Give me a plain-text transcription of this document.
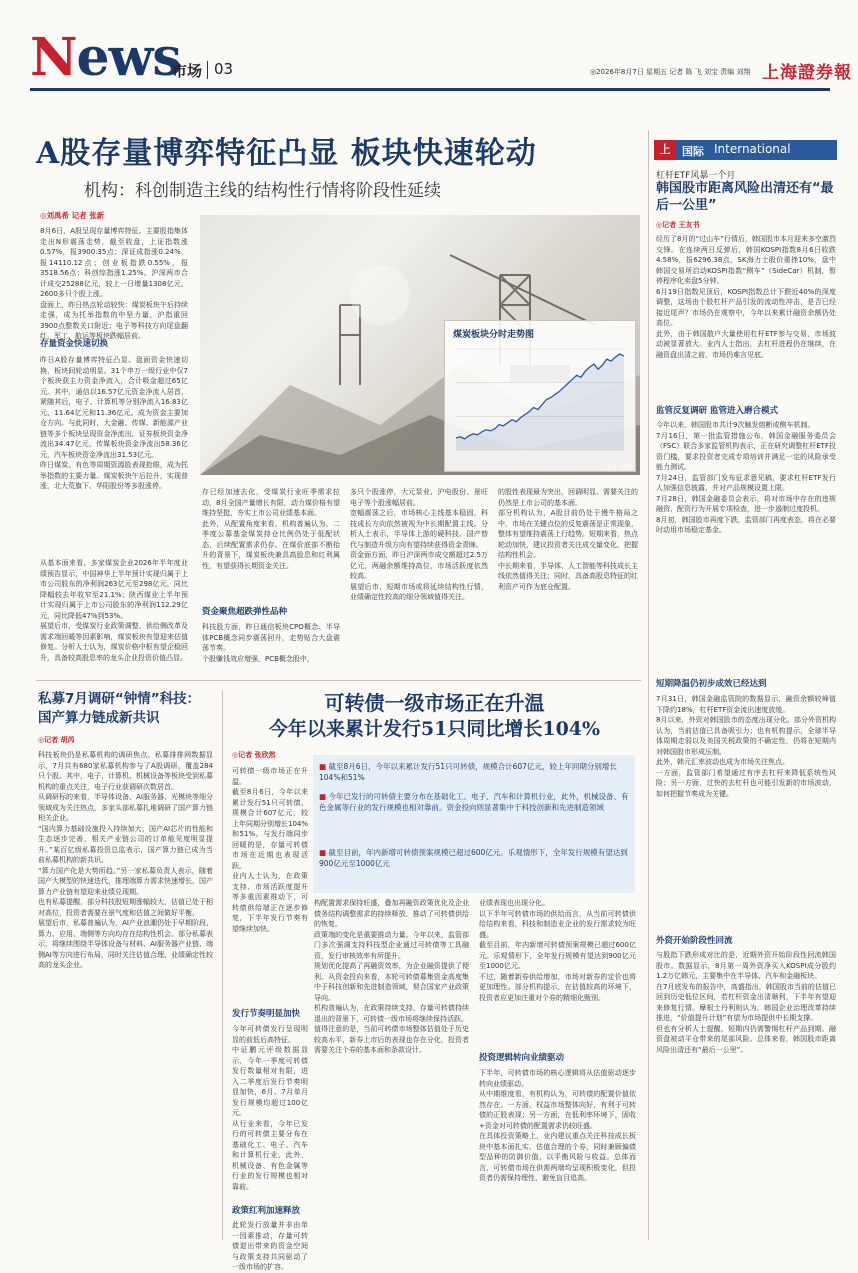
News
市场 03	◎2026年8月7日 星期五 记者 陈 飞 刘宝 责编 刘翔 上海證券報
A股存量博弈特征凸显 板块快速轮动
机构：科创制造主线的结构性行情将阶段性延续
◎刘禹希 记者 张新
8月6日，A股呈现存量博弈特征。主要股指集体走出N形震荡走势，截至收盘，上证指数涨0.57%，报3900.35点；深证成指涨0.24%，报14110.12点；创业板指跌0.55%，报3518.56点；科创综指涨1.25%。沪深两市合计成交25288亿元，较上一日增量1308亿元，2600多只个股上涨。
盘面上，昨日热点轮动较快：煤炭板块午后持续走强，成为托举指数的中坚力量，沪指重回3900点整数关口附近；电子等科技方向尾盘翻红，军工、航运等板块跌幅居前。
存量资金快速切换
昨日A股存量博弈特征凸显。盘面资金快速切换，板块间轮动明显。31个申万一级行业中仅7个板块获主力资金净流入，合计吸金超过65亿元。其中，通信以16.57亿元资金净流入居首，紧随其后，电子、计算机等分别净流入16.83亿元、11.64亿元和11.36亿元。成为资金主要加仓方向。与此同时，大金融、传媒、新能源产业链等多个板块呈现资金净流出，证券板块资金净流出34.47亿元，传媒板块资金净流出58.36亿元，汽车板块资金净流出31.53亿元。
昨日煤炭、有色等周期资源股表现抢眼，成为托举指数的主要力量。煤炭板块午后拉升，实现普涨，北大荒旗下、华阳股份等多股涨停。
从基本面来看，多家煤炭企业2026年半年度业绩预告显示，中国神华上半年预计实现归属于上市公司股东的净利润263亿元至298亿元，同比降幅较去年收窄至21.1%；陕西煤业上半年预计实现归属于上市公司股东的净利润112.29亿元，同比降低47%到53%。
展望后市，受煤炭行业政策调整、供给侧改革及需求端回暖等因素影响，煤炭板块有望迎来估值修复。分析人士认为，煤炭价格中枢有望企稳回升，具备较高股息率的龙头企业投资价值凸显。
煤炭板块分时走势图
张大伟 制图
存已经加速去化，受煤炭行业旺季需求拉动，8月全国产量增长有限，动力煤价格有望维持坚挺，夯实上市公司业绩基本面。
此外，从配置角度来看，机构普遍认为，二季度公募基金煤炭持仓比例仍处于低配状态，后续配置需求仍存。在煤价底部不断抬升的背景下，煤炭板块兼具高股息和红利属性，有望获得长期资金关注。
资金聚焦超跌弹性品种
科技股方面，昨日通信板块CPO概念、半导体PCB概念同步震荡回升，走势贴合大盘震荡节奏。
个股赚钱效应增强，PCB概念股中，
多只个股涨停，大元泵业、沪电股份、景旺电子等个股涨幅居前。
宽幅震荡之后，市场核心主线基本稳固，科技成长方向依然被视为中长期配置主线。分析人士表示，半导体上游的硬科技、国产替代与制造升级方向有望持续获得资金青睐。
资金面方面，昨日沪深两市成交额超过2.5万亿元，两融余额维持高位，市场活跃度依然较高。
展望后市，短期市场或将延续结构性行情，业绩确定性较高的细分领域值得关注。
的股性表现最为突出，回调明显。需要关注的仍然是上市公司的基本面。
部分机构认为，A股目前仍处于慢牛格局之中，市场在关键点位的反复震荡是正常现象，整体有望维持震荡上行趋势。短期来看，热点轮动加快，建议投资者关注成交量变化，把握结构性机会。
中长期来看，半导体、人工智能等科技成长主线依然值得关注；同时，具备高股息特征的红利资产可作为底仓配置。
上	国际 International
杠杆ETF风暴一个月
韩国股市距离风险出清还有“最后一公里”
◎记者 王友书
经历了8月的“过山车”行情后，韩国股市本月迎来多空激烈交锋。在连续两日反弹后，韩国KOSPI指数8月6日收跌4.58%，报6296.38点，SK海力士股价重挫10%，盘中韩国交易所启动KOSPI指数“侧车”（SideCar）机制，暂停程序化卖盘5分钟。
6月19日指数见顶后，KOSPI指数总计下跌近40%的深度调整，这场由个股杠杆产品引发的流动性冲击，是否已经接近尾声？市场仍在观察中，今年以来累计融资余额仍处高位。
此外，由于韩国散户大量使用杠杆ETF参与交易，市场波动被显著放大。业内人士指出，去杠杆进程仍在继续，在融资盘出清之前，市场仍难言见底。
监管反复调研 监管进入磨合模式
今年以来，韩国股市共计9次触发熔断或侧车机制。
7月16日，第一批监管措施公布，韩国金融服务委员会（FSC）联合多家监管机构表示，正在研究调整杠杆ETF投资门槛，要求投资者完成专项培训并满足一定的风险承受能力测试。
7月24日，监管部门发布征求意见稿，要求杠杆ETF发行人加强信息披露，并对产品规模设置上限。
7月28日，韩国金融委员会表示，将对市场中存在的违规融资、配资行为开展专项检查，进一步遏制过度投机。
8月初，韩国股市再度下跌，监管部门再度表态，将在必要时动用市场稳定基金。
短期降温仍初步成效已经达到
7月31日，韩国金融监管院的数据显示，融资余额较峰值下降约18%，杠杆ETF资金流出速度放缓。
8月以来，外资对韩国股市的态度出现分化。部分外资机构认为，当前估值已具备吸引力；也有机构提示，全球半导体周期走弱以及美国关税政策的不确定性，仍将在短期内对韩国股市形成压制。
此外，韩元汇率波动也成为市场关注焦点。
一方面，监管部门希望通过有序去杠杆来降低系统性风险；另一方面，过快的去杠杆也可能引发新的市场波动，如何把握节奏成为关键。
外资开始阶段性回流
与股指下跌形成对比的是，近期外资开始阶段性回流韩国股市。数据显示，8月第一周外资净买入KOSPI成分股约1.2万亿韩元，主要集中在半导体、汽车和金融板块。
在7月底发布的报告中，高盛指出，韩国股市当前的估值已回到历史低位区间，若杠杆资金出清顺利，下半年有望迎来修复行情。摩根士丹利则认为，韩国企业治理改革持续推进，“价值提升计划”有望为市场提供中长期支撑。
但也有分析人士提醒，短期内仍需警惕杠杆产品到期、融资盘被动平仓带来的尾部风险。总体来看，韩国股市距离风险出清还有“最后一公里”。
私募7月调研“钟情”科技：国产算力链成新共识
◎记者 胡芮
科技板块仍是私募机构的调研焦点。私募排排网数据显示，7月共有680家私募机构参与了A股调研，覆盖284只个股。其中，电子、计算机、机械设备等板块受到私募机构的重点关注，电子行业获调研次数居首。
从调研标的来看，半导体设备、AI服务器、光模块等细分领域成为关注热点，多家头部私募扎堆调研了国产算力链相关企业。
“国内算力基础设施投入持续加大，国产AI芯片的性能和生态逐步完善，相关产业链公司的订单能见度明显提升。”某百亿级私募投资总监表示，国产算力链已成为当前私募机构的新共识。
“算力国产化是大势所趋。”另一家私募负责人表示，随着国产大模型的快速迭代，推理端算力需求快速增长，国产算力产业链有望迎来业绩兑现期。
也有私募提醒，部分科技股短期涨幅较大，估值已处于相对高位，投资者需要在景气度和估值之间做好平衡。
展望后市，私募普遍认为，AI产业浪潮仍处于早期阶段，算力、应用、端侧等方向均存在结构性机会。部分私募表示，将继续围绕半导体设备与材料、AI服务器产业链、端侧AI等方向进行布局，同时关注估值合理、业绩确定性较高的龙头企业。
可转债一级市场正在升温
今年以来累计发行51只同比增长104%
◎记者 张欣然
■ 截至8月6日，今年以来累计发行51只可转债，规模合计607亿元，较上年同期分别增长104%和51%
■ 今年已发行的可转债主要分布在基础化工、电子、汽车和计算机行业，此外，机械设备、有色金属等行业的发行规模也相对靠前。资金投向则显著集中于科技创新和先进制造领域
■ 截至目前，年内新增可转债预案规模已超过600亿元。乐观情形下，全年发行规模有望达到900亿元至1000亿元
可转债一级市场正在升温。
截至8月6日，今年以来累计发行51只可转债，规模合计607亿元，较上年同期分别增长104%和51%。与发行端同步回暖的是，存量可转债市场在近期也表现活跃。
业内人士认为，在政策支持、市场活跃度提升等多重因素推动下，可转债供给端正在逐步修复，下半年发行节奏有望继续加快。
发行节奏明显加快
今年可转债发行呈现明显的前低后高特征。
中证鹏元评级数据显示，今年一季度可转债发行数量相对有限，进入二季度后发行节奏明显加快，6月、7月单月发行规模均超过100亿元。
从行业来看，今年已发行的可转债主要分布在基础化工、电子、汽车和计算机行业，此外，机械设备、有色金属等行业的发行规模也相对靠前。
政策红利加速释放
此轮发行放量并非由单一因素推动，存量可转债退出带来的资金空间与政策支持共同驱动了一级市场的扩容。
构配置需求保持旺盛，叠加再融资政策优化及企业债务结构调整需求的持续释放，推动了可转债供给的恢复。
政策端的变化是重要推动力量。今年以来，监管部门多次强调支持科技型企业通过可转债等工具融资，发行审核效率有所提升。
规划优化提高了再融资效率，为企业融资提供了便利。从资金投向来看，本轮可转债募集资金高度集中于科技创新和先进制造领域，契合国家产业政策导向。
机构普遍认为，在政策持续支持、存量可转债持续退出的背景下，可转债一级市场将继续保持活跃。
值得注意的是，当前可转债市场整体估值处于历史较高水平，新券上市后的表现也存在分化，投资者需要关注个券的基本面和条款设计。
业绩表现也出现分化。
以下半年可转债市场的供给而言，从当前可转债供给结构来看，科技和制造业企业的发行需求较为旺盛。
截至目前，年内新增可转债预案规模已超过600亿元。乐观情形下，全年发行规模有望达到900亿元至1000亿元。
不过，随着新券供给增加，市场对新券的定价也将更加理性。部分机构提示，在估值较高的环境下，投资者应更加注重对个券的精细化甄别。
投资逻辑转向业绩驱动
下半年，可转债市场的核心逻辑将从估值驱动逐步转向业绩驱动。
从中期维度看，有机构认为，可转债的配置价值依然存在。一方面，权益市场整体向好，有利于可转债的正股表现；另一方面，在低利率环境下，固收+资金对可转债的配置需求仍较旺盛。
在具体投资策略上，业内建议重点关注科技成长板块中基本面扎实、估值合理的个券，同时兼顾偏债型品种的防御价值，以平衡风险与收益。总体而言，可转债市场在供需两端均呈现积极变化，但投资者仍需保持理性，避免盲目追高。
